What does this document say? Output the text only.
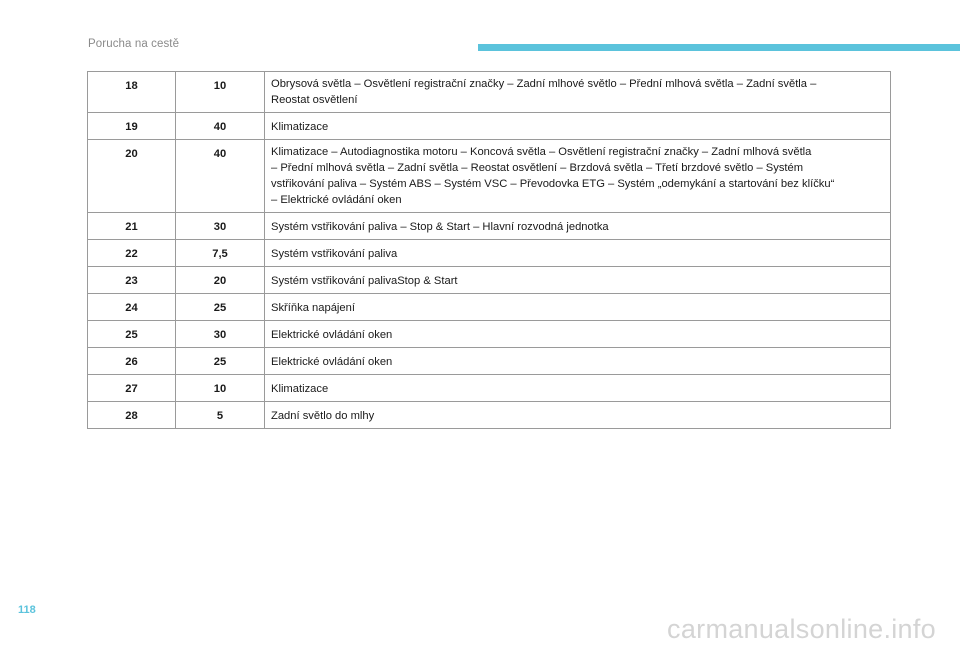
Porucha na cestě
18	10	Obrysová světla – Osvětlení registrační značky – Zadní mlhové světlo – Přední mlhová světla – Zadní světla –
Reostat osvětlení

19	40	Klimatizace

20	40	Klimatizace – Autodiagnostika motoru – Koncová světla – Osvětlení registrační značky – Zadní mlhová světla
– Přední mlhová světla – Zadní světla – Reostat osvětlení – Brzdová světla – Třetí brzdové světlo – Systém
vstřikování paliva – Systém ABS – Systém VSC – Převodovka ETG – Systém „odemykání a startování bez klíčku“
– Elektrické ovládání oken

21	30	Systém vstřikování paliva – Stop & Start – Hlavní rozvodná jednotka

22	7,5	Systém vstřikování paliva

23	20	Systém vstřikování palivaStop & Start

24	25	Skříňka napájení

25	30	Elektrické ovládání oken

26	25	Elektrické ovládání oken

27	10	Klimatizace

28	5	Zadní světlo do mlhy
118
carmanualsonline.info
